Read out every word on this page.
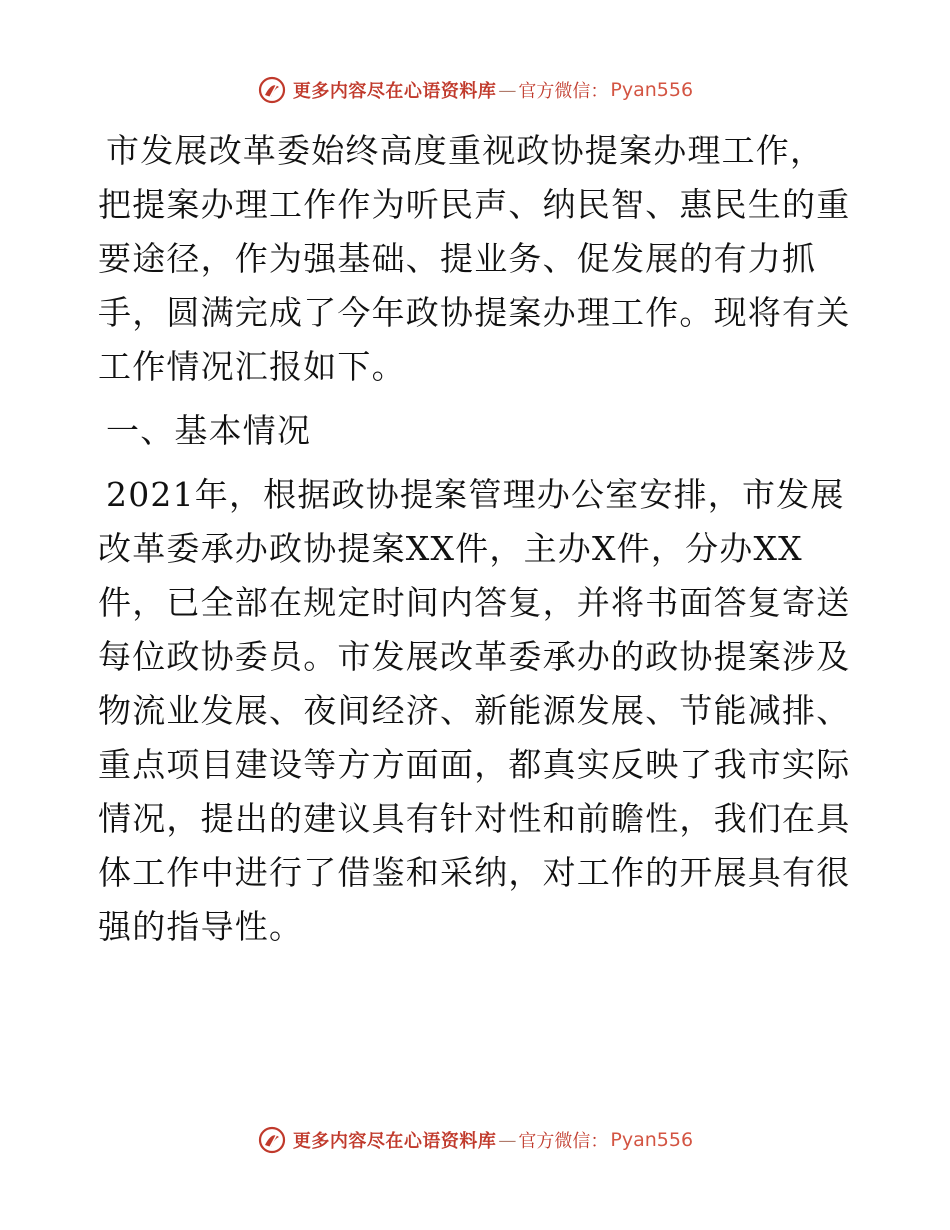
更多内容尽在心语资料库 — 官方微信： Pyan556
市发展改革委始终高度重视政协提案办理工作，
把提案办理工作作为听民声、纳民智、惠民生的重
要途径，作为强基础、提业务、促发展的有力抓
手，圆满完成了今年政协提案办理工作。现将有关
工作情况汇报如下。
一、基本情况
2021年，根据政协提案管理办公室安排，市发展
改革委承办政协提案XX件，主办X件，分办XX
件，已全部在规定时间内答复，并将书面答复寄送
每位政协委员。市发展改革委承办的政协提案涉及
物流业发展、夜间经济、新能源发展、节能减排、
重点项目建设等方方面面，都真实反映了我市实际
情况，提出的建议具有针对性和前瞻性，我们在具
体工作中进行了借鉴和采纳，对工作的开展具有很
强的指导性。
更多内容尽在心语资料库 — 官方微信： Pyan556
